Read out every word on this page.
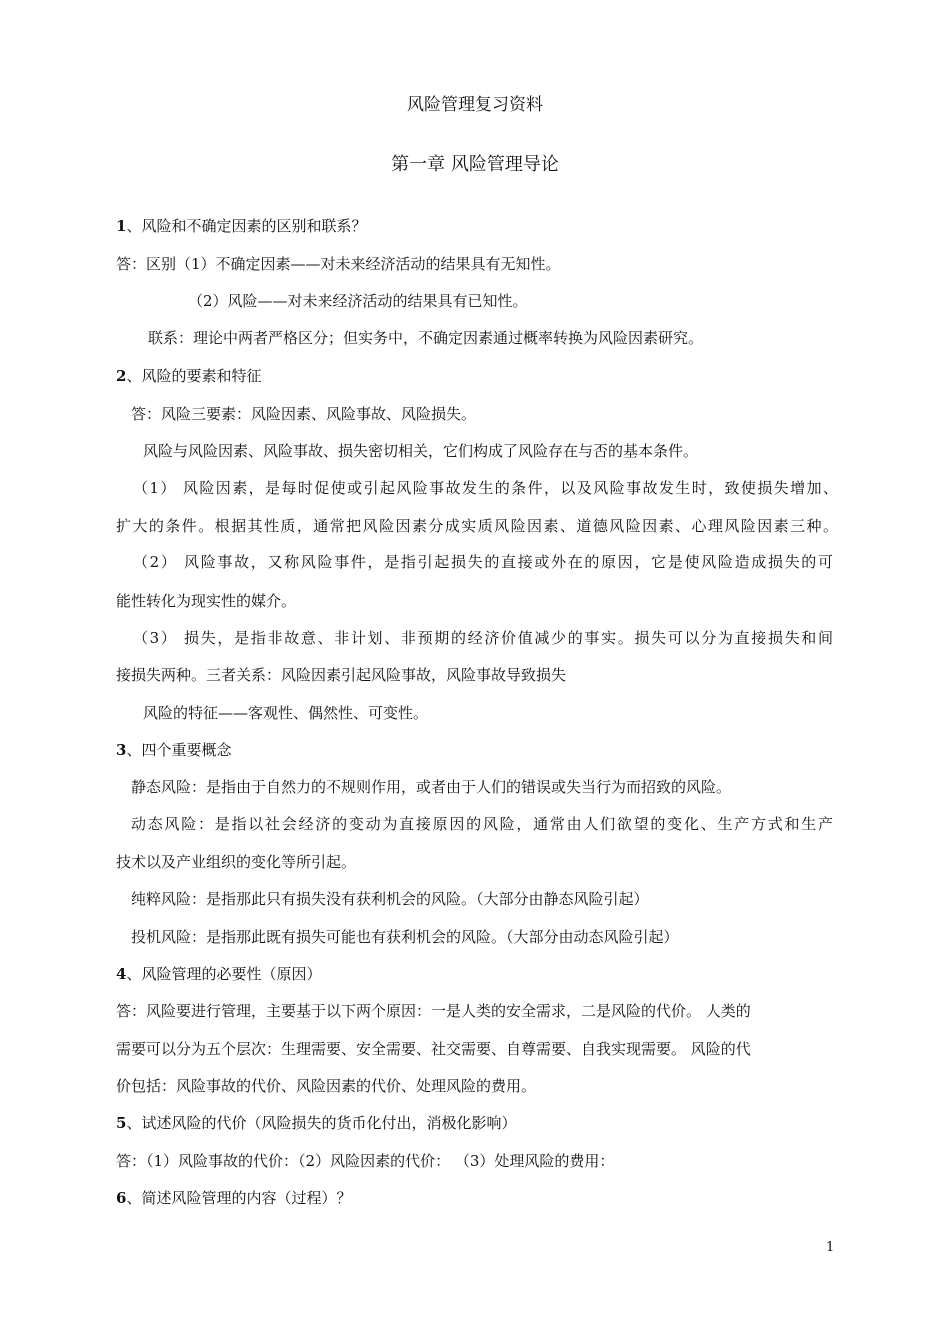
风险管理复习资料
第一章 风险管理导论
1、风险和不确定因素的区别和联系？
答：区别（1）不确定因素——对未来经济活动的结果具有无知性。
（2）风险——对未来经济活动的结果具有已知性。
联系：理论中两者严格区分；但实务中，不确定因素通过概率转换为风险因素研究。
2、风险的要素和特征
答：风险三要素：风险因素、风险事故、风险损失。
风险与风险因素、风险事故、损失密切相关，它们构成了风险存在与否的基本条件。
（1） 风险因素，是每时促使或引起风险事故发生的条件，以及风险事故发生时，致使损失增加、
扩大的条件。根据其性质，通常把风险因素分成实质风险因素、道德风险因素、心理风险因素三种。
（2） 风险事故，又称风险事件，是指引起损失的直接或外在的原因，它是使风险造成损失的可
能性转化为现实性的媒介。
（3） 损失，是指非故意、非计划、非预期的经济价值减少的事实。损失可以分为直接损失和间
接损失两种。三者关系：风险因素引起风险事故，风险事故导致损失
风险的特征——客观性、偶然性、可变性。
3、四个重要概念
静态风险：是指由于自然力的不规则作用，或者由于人们的错误或失当行为而招致的风险。
动态风险：是指以社会经济的变动为直接原因的风险，通常由人们欲望的变化、生产方式和生产
技术以及产业组织的变化等所引起。
纯粹风险：是指那此只有损失没有获利机会的风险。（大部分由静态风险引起）
投机风险：是指那此既有损失可能也有获利机会的风险。（大部分由动态风险引起）
4、风险管理的必要性（原因）
答：风险要进行管理，主要基于以下两个原因：一是人类的安全需求，二是风险的代价。 人类的
需要可以分为五个层次：生理需要、安全需要、社交需要、自尊需要、自我实现需要。 风险的代
价包括：风险事故的代价、风险因素的代价、处理风险的费用。
5、试述风险的代价（风险损失的货币化付出，消极化影响）
答：（1）风险事故的代价：（2）风险因素的代价： （3）处理风险的费用：
6、简述风险管理的内容（过程）？
1
